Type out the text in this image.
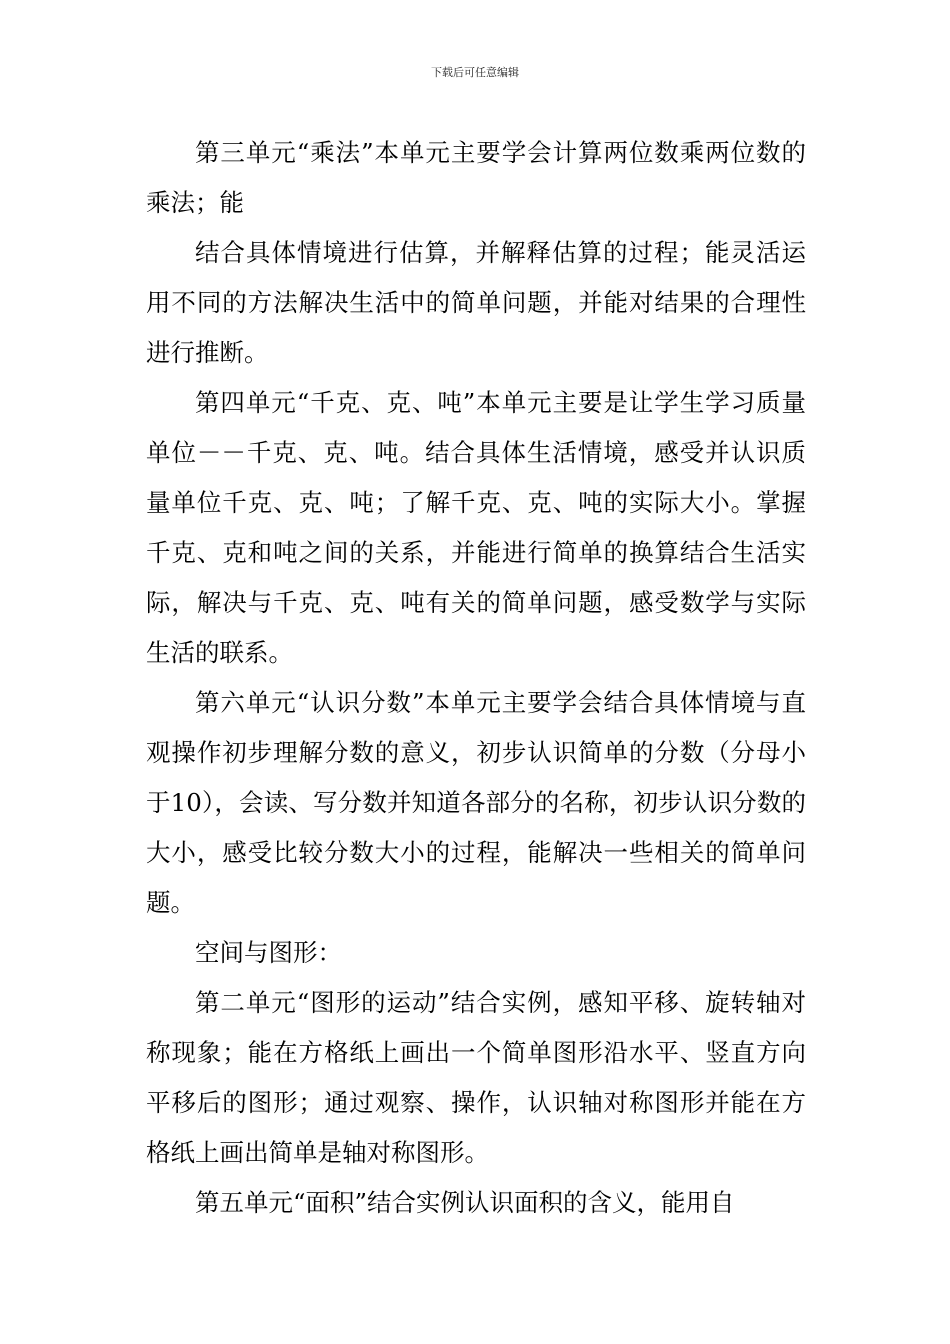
下载后可任意编辑

第三单元“乘法”本单元主要学会计算两位数乘两位数的乘法；能

结合具体情境进行估算，并解释估算的过程；能灵活运用不同的方法解决生活中的简单问题，并能对结果的合理性进行推断。

第四单元“千克、克、吨”本单元主要是让学生学习质量单位－－千克、克、吨。结合具体生活情境，感受并认识质量单位千克、克、吨；了解千克、克、吨的实际大小。掌握千克、克和吨之间的关系，并能进行简单的换算结合生活实际，解决与千克、克、吨有关的简单问题，感受数学与实际生活的联系。

第六单元“认识分数”本单元主要学会结合具体情境与直观操作初步理解分数的意义，初步认识简单的分数（分母小于10），会读、写分数并知道各部分的名称，初步认识分数的大小，感受比较分数大小的过程，能解决一些相关的简单问题。

空间与图形：

第二单元“图形的运动”结合实例，感知平移、旋转轴对称现象；能在方格纸上画出一个简单图形沿水平、竖直方向平移后的图形；通过观察、操作，认识轴对称图形并能在方格纸上画出简单是轴对称图形。

第五单元“面积”结合实例认识面积的含义，能用自
